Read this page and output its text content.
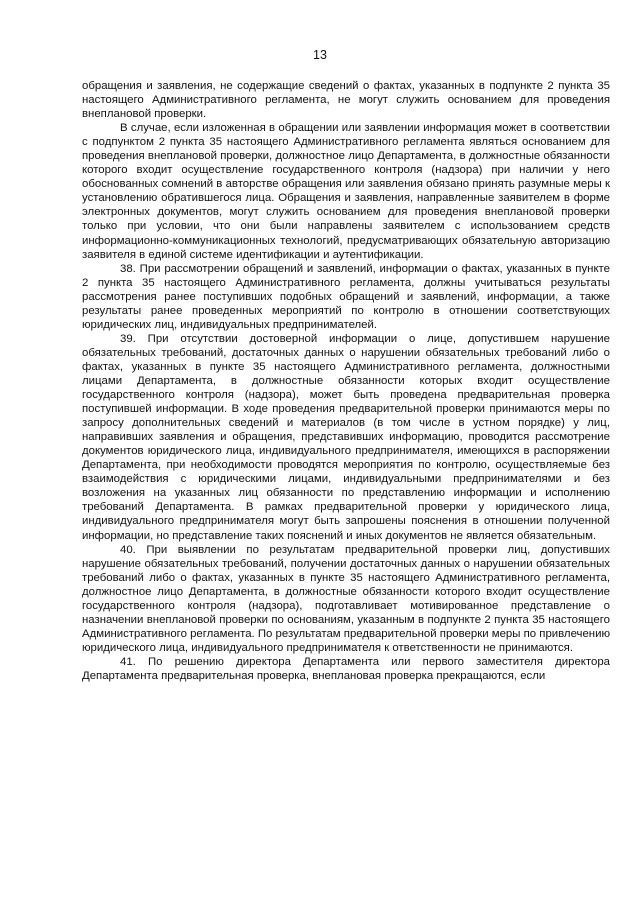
13

обращения и заявления, не содержащие сведений о фактах, указанных в подпункте 2 пункта 35 настоящего Административного регламента, не могут служить основанием для проведения внеплановой проверки.

В случае, если изложенная в обращении или заявлении информация может в соответствии с подпунктом 2 пункта 35 настоящего Административного регламента являться основанием для проведения внеплановой проверки, должностное лицо Департамента, в должностные обязанности которого входит осуществление государственного контроля (надзора) при наличии у него обоснованных сомнений в авторстве обращения или заявления обязано принять разумные меры к установлению обратившегося лица. Обращения и заявления, направленные заявителем в форме электронных документов, могут служить основанием для проведения внеплановой проверки только при условии, что они были направлены заявителем с использованием средств информационно-коммуникационных технологий, предусматривающих обязательную авторизацию заявителя в единой системе идентификации и аутентификации.

38. При рассмотрении обращений и заявлений, информации о фактах, указанных в пункте 2 пункта 35 настоящего Административного регламента, должны учитываться результаты рассмотрения ранее поступивших подобных обращений и заявлений, информации, а также результаты ранее проведенных мероприятий по контролю в отношении соответствующих юридических лиц, индивидуальных предпринимателей.

39. При отсутствии достоверной информации о лице, допустившем нарушение обязательных требований, достаточных данных о нарушении обязательных требований либо о фактах, указанных в пункте 35 настоящего Административного регламента, должностными лицами Департамента, в должностные обязанности которых входит осуществление государственного контроля (надзора), может быть проведена предварительная проверка поступившей информации. В ходе проведения предварительной проверки принимаются меры по запросу дополнительных сведений и материалов (в том числе в устном порядке) у лиц, направивших заявления и обращения, представивших информацию, проводится рассмотрение документов юридического лица, индивидуального предпринимателя, имеющихся в распоряжении Департамента, при необходимости проводятся мероприятия по контролю, осуществляемые без взаимодействия с юридическими лицами, индивидуальными предпринимателями и без возложения на указанных лиц обязанности по представлению информации и исполнению требований Департамента. В рамках предварительной проверки у юридического лица, индивидуального предпринимателя могут быть запрошены пояснения в отношении полученной информации, но представление таких пояснений и иных документов не является обязательным.

40. При выявлении по результатам предварительной проверки лиц, допустивших нарушение обязательных требований, получении достаточных данных о нарушении обязательных требований либо о фактах, указанных в пункте 35 настоящего Административного регламента, должностное лицо Департамента, в должностные обязанности которого входит осуществление государственного контроля (надзора), подготавливает мотивированное представление о назначении внеплановой проверки по основаниям, указанным в подпункте 2 пункта 35 настоящего Административного регламента. По результатам предварительной проверки меры по привлечению юридического лица, индивидуального предпринимателя к ответственности не принимаются.

41. По решению директора Департамента или первого заместителя директора Департамента предварительная проверка, внеплановая проверка прекращаются, если
